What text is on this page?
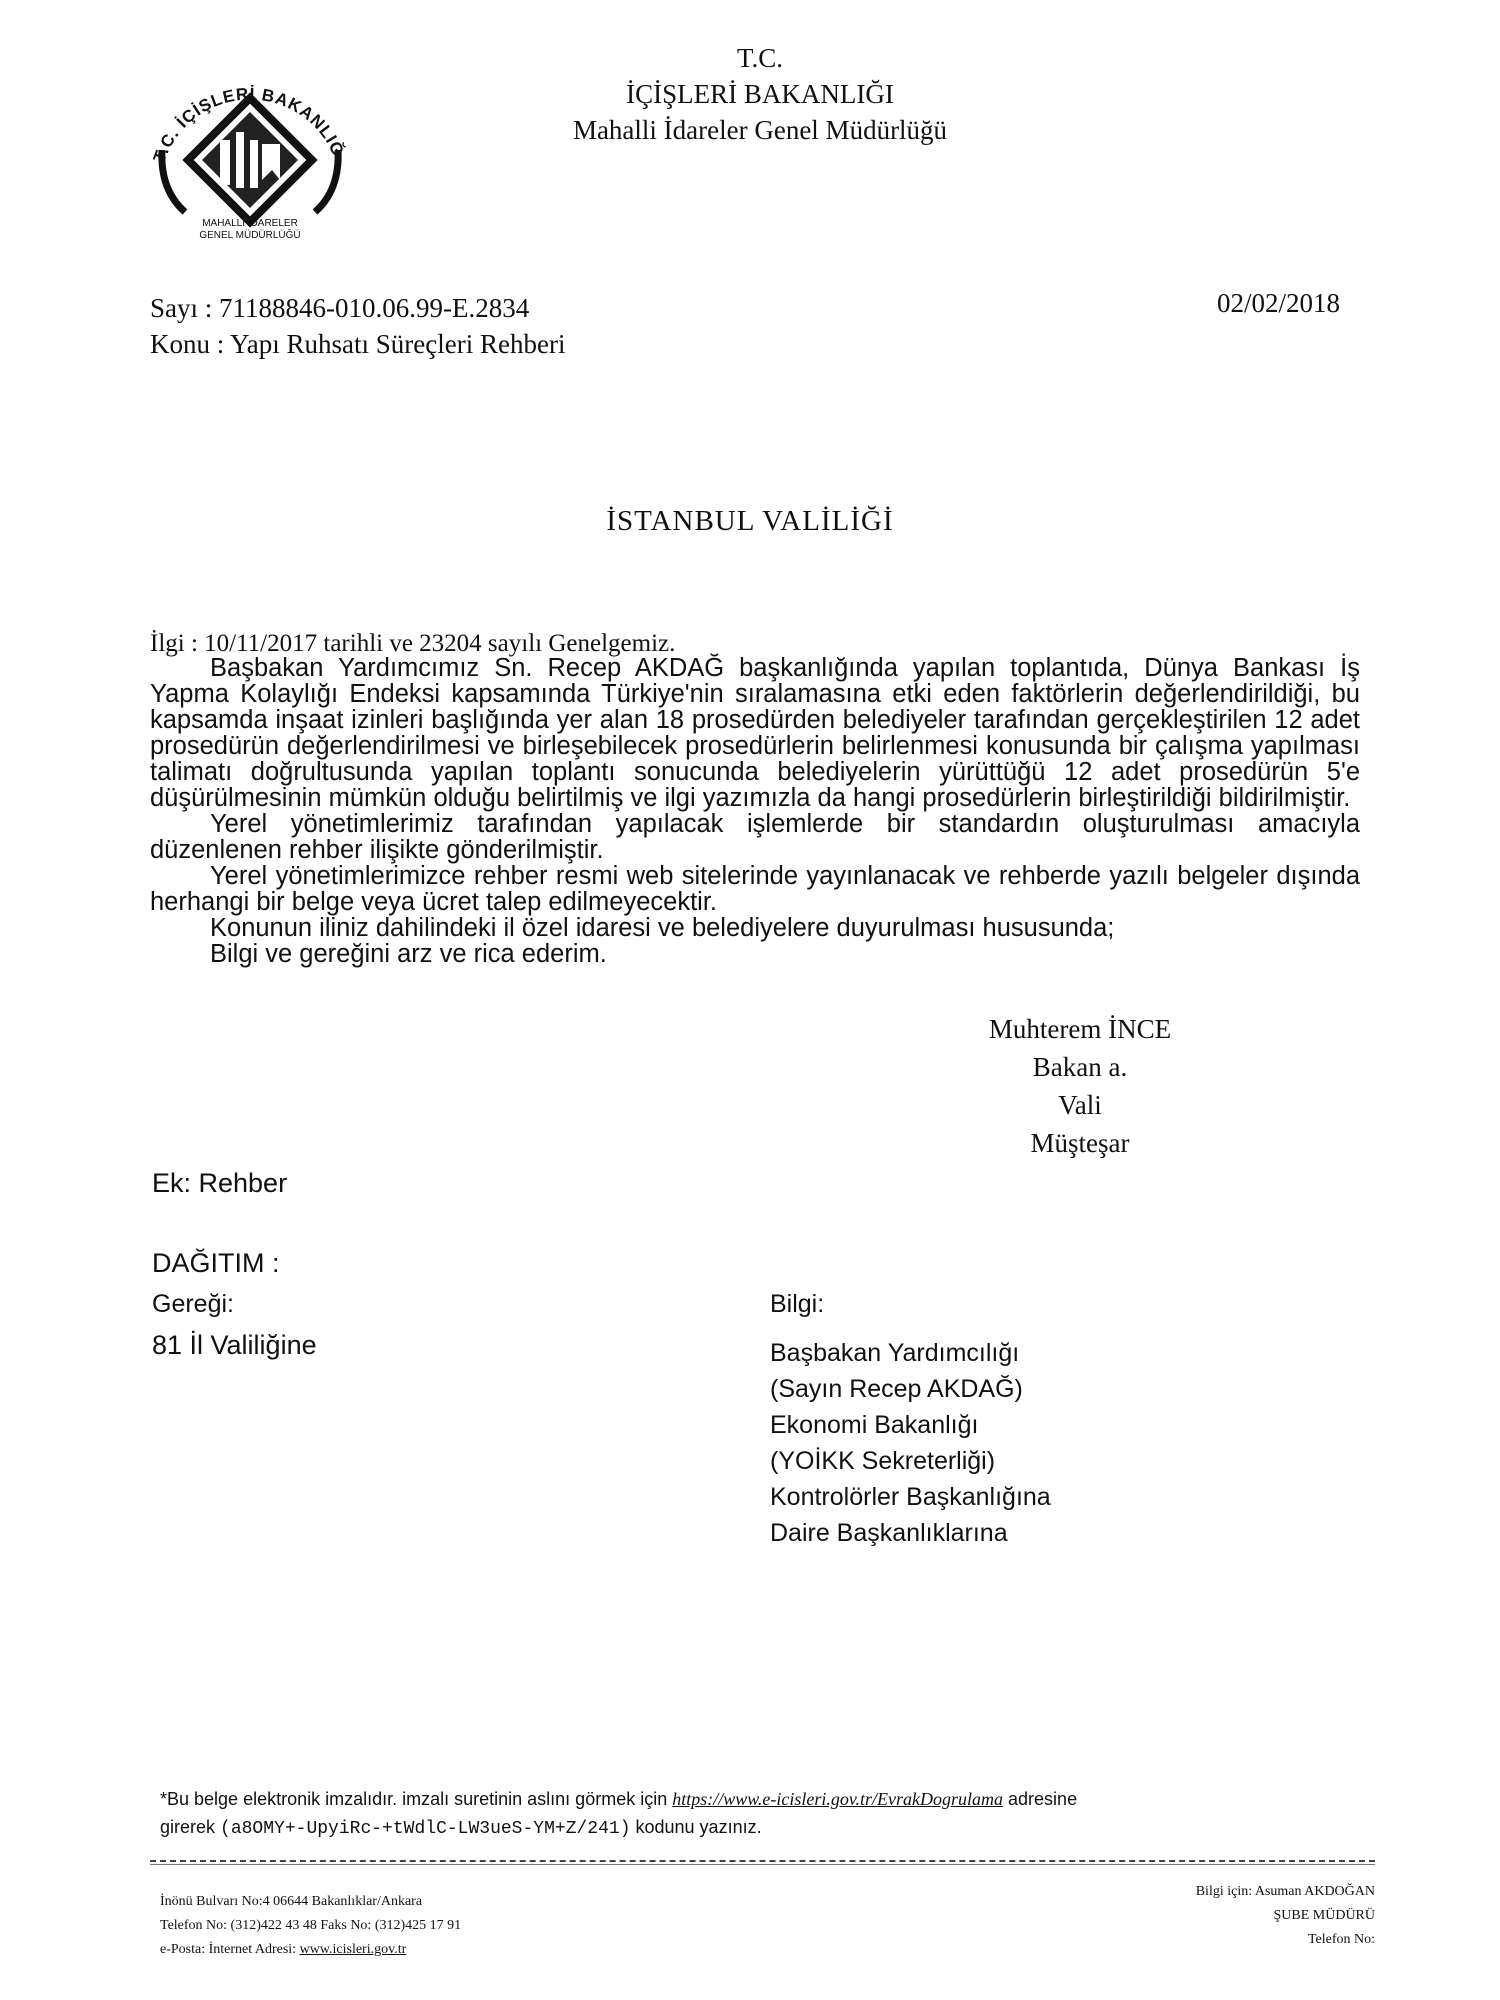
T.C. İÇİŞLERİ BAKANLIĞ
MAHALLİ İDARELER
GENEL MÜDÜRLÜĞÜ
T.C.
İÇİŞLERİ BAKANLIĞI
Mahalli İdareler Genel Müdürlüğü
Sayı : 71188846-010.06.99-E.2834
Konu : Yapı Ruhsatı Süreçleri Rehberi
02/02/2018
İSTANBUL VALİLİĞİ
İlgi : 10/11/2017 tarihli ve 23204 sayılı Genelgemiz.

Başbakan Yardımcımız Sn. Recep AKDAĞ başkanlığında yapılan toplantıda, Dünya Bankası İş Yapma Kolaylığı Endeksi kapsamında Türkiye'nin sıralamasına etki eden faktörlerin değerlendirildiği, bu kapsamda inşaat izinleri başlığında yer alan 18 prosedürden belediyeler tarafından gerçekleştirilen 12 adet prosedürün değerlendirilmesi ve birleşebilecek prosedürlerin belirlenmesi konusunda bir çalışma yapılması talimatı doğrultusunda yapılan toplantı sonucunda belediyelerin yürüttüğü 12 adet prosedürün 5'e düşürülmesinin mümkün olduğu belirtilmiş ve ilgi yazımızla da hangi prosedürlerin birleştirildiği bildirilmiştir.

Yerel yönetimlerimiz tarafından yapılacak işlemlerde bir standardın oluşturulması amacıyla düzenlenen rehber ilişikte gönderilmiştir.

Yerel yönetimlerimizce rehber resmi web sitelerinde yayınlanacak ve rehberde yazılı belgeler dışında herhangi bir belge veya ücret talep edilmeyecektir.

Konunun iliniz dahilindeki il özel idaresi ve belediyelere duyurulması hususunda;

Bilgi ve gereğini arz ve rica ederim.

Muhterem İNCE
Bakan a.
Vali
Müşteşar
Ek: Rehber
DAĞITIM :
Gereği:
81 İl Valiliğine
Bilgi:
Başbakan Yardımcılığı
(Sayın Recep AKDAĞ)
Ekonomi Bakanlığı
(YOİKK Sekreterliği)
Kontrolörler Başkanlığına
Daire Başkanlıklarına
*Bu belge elektronik imzalıdır. imzalı suretinin aslını görmek için https://www.e-icisleri.gov.tr/EvrakDogrulama adresine
girerek (a8OMY+-UpyiRc-+tWdlC-LW3ueS-YM+Z/241) kodunu yazınız.
İnönü Bulvarı No:4 06644 Bakanlıklar/Ankara
Telefon No: (312)422 43 48 Faks No: (312)425 17 91
e-Posta: İnternet Adresi: www.icisleri.gov.tr
Bilgi için: Asuman AKDOĞAN
ŞUBE MÜDÜRÜ
Telefon No:
